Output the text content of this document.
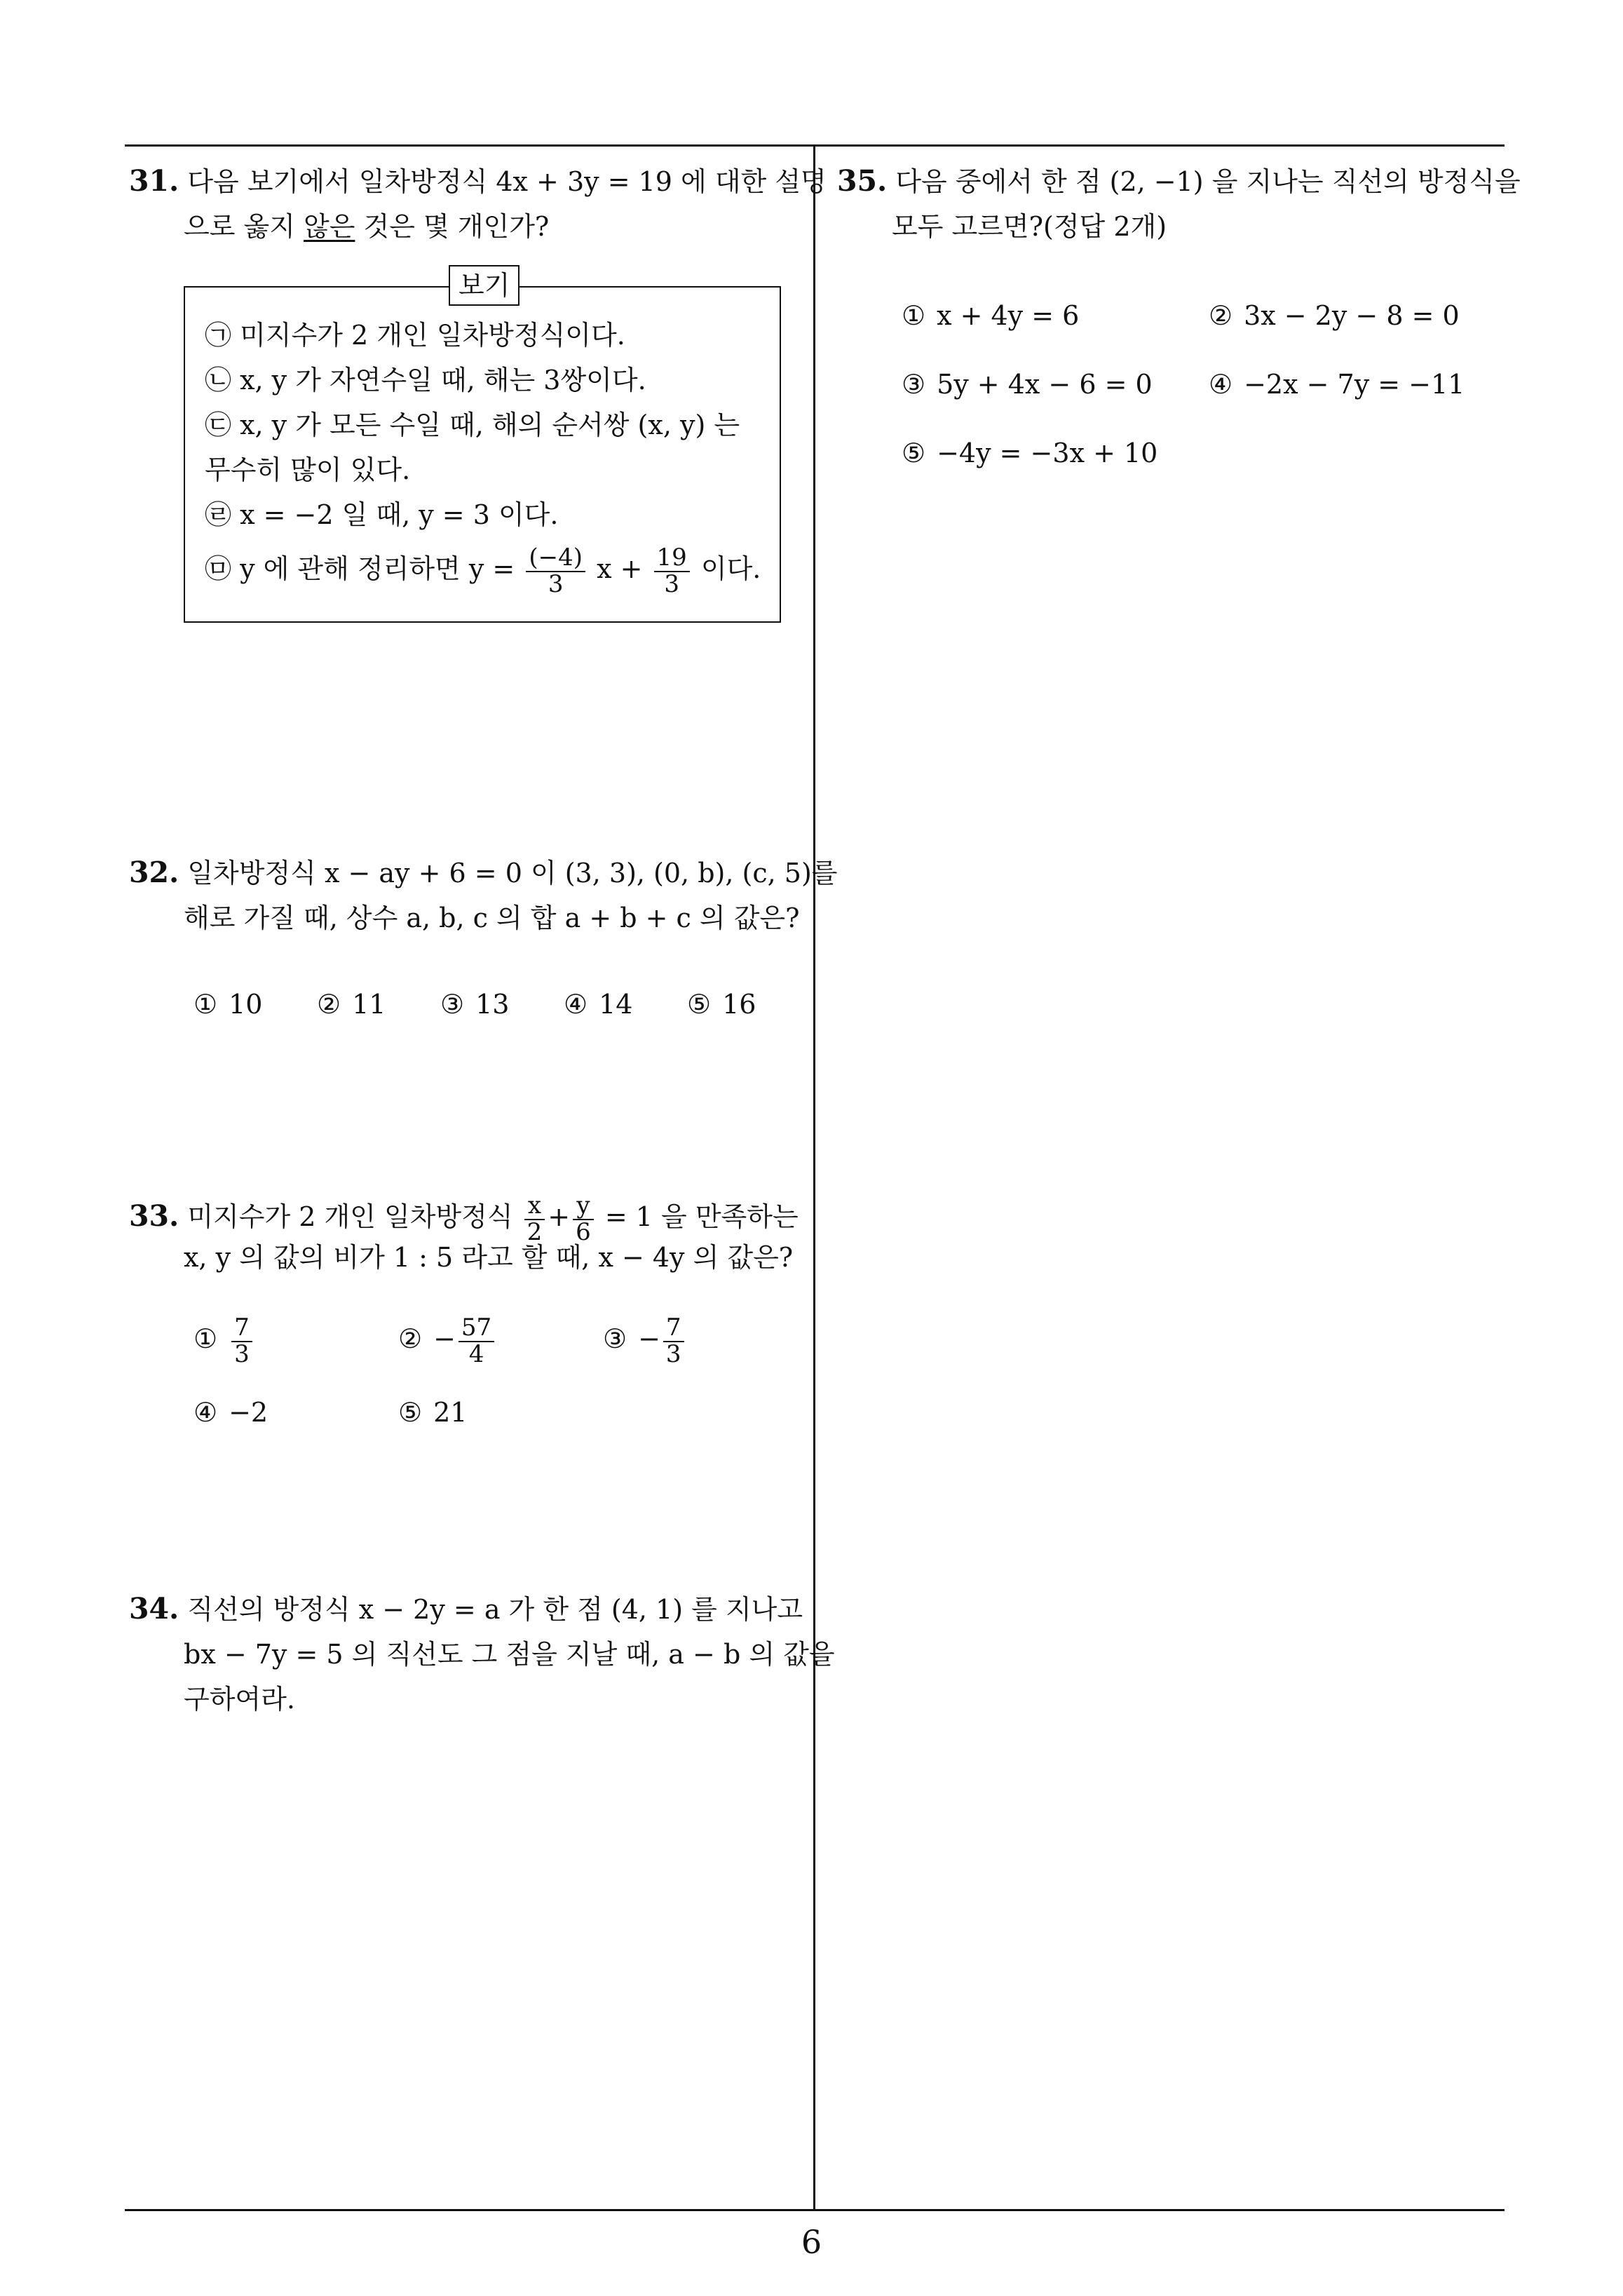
31. 다음 보기에서 일차방정식 4x + 3y = 19 에 대한 설명
으로 옳지 않은 것은 몇 개인가?
㉠ 미지수가 2 개인 일차방정식이다.
㉡ x, y 가 자연수일 때, 해는 3쌍이다.
㉢ x, y 가 모든 수일 때, 해의 순서쌍 (x, y) 는
무수히 많이 있다.
㉣ x = −2 일 때, y = 3 이다.
㉤ y 에 관해 정리하면 $y = \frac{(-4)}{3}$ $x + \frac{19}{3}$ 이다.
보기
32. 일차방정식 x − ay + 6 = 0 이 (3, 3), (0, b), (c, 5)를
해로 가질 때, 상수 a, b, c 의 합 a + b + c 의 값은?
① 10 ② 11 ③ 13 ④ 14 ⑤ 16
33. 미지수가 2 개인 일차방정식 $\frac{x}{2} + \frac{y}{6} = 1$ 을 만족하는
x, y 의 값의 비가 1 : 5 라고 할 때, x − 4y 의 값은?
① $\frac{7}{3}$	② − $\frac{57}{4}$	③ − $\frac{7}{3}$
④ −2	⑤ 21
34. 직선의 방정식 x − 2y = a 가 한 점 (4, 1) 를 지나고
bx − 7y = 5 의 직선도 그 점을 지날 때, a − b 의 값을
구하여라.
35. 다음 중에서 한 점 (2, −1) 을 지나는 직선의 방정식을
모두 고르면?(정답 2개)
① x + 4y = 6	② 3x − 2y − 8 = 0
③ 5y + 4x − 6 = 0 ④ −2x − 7y = −11
⑤ −4y = −3x + 10
6
